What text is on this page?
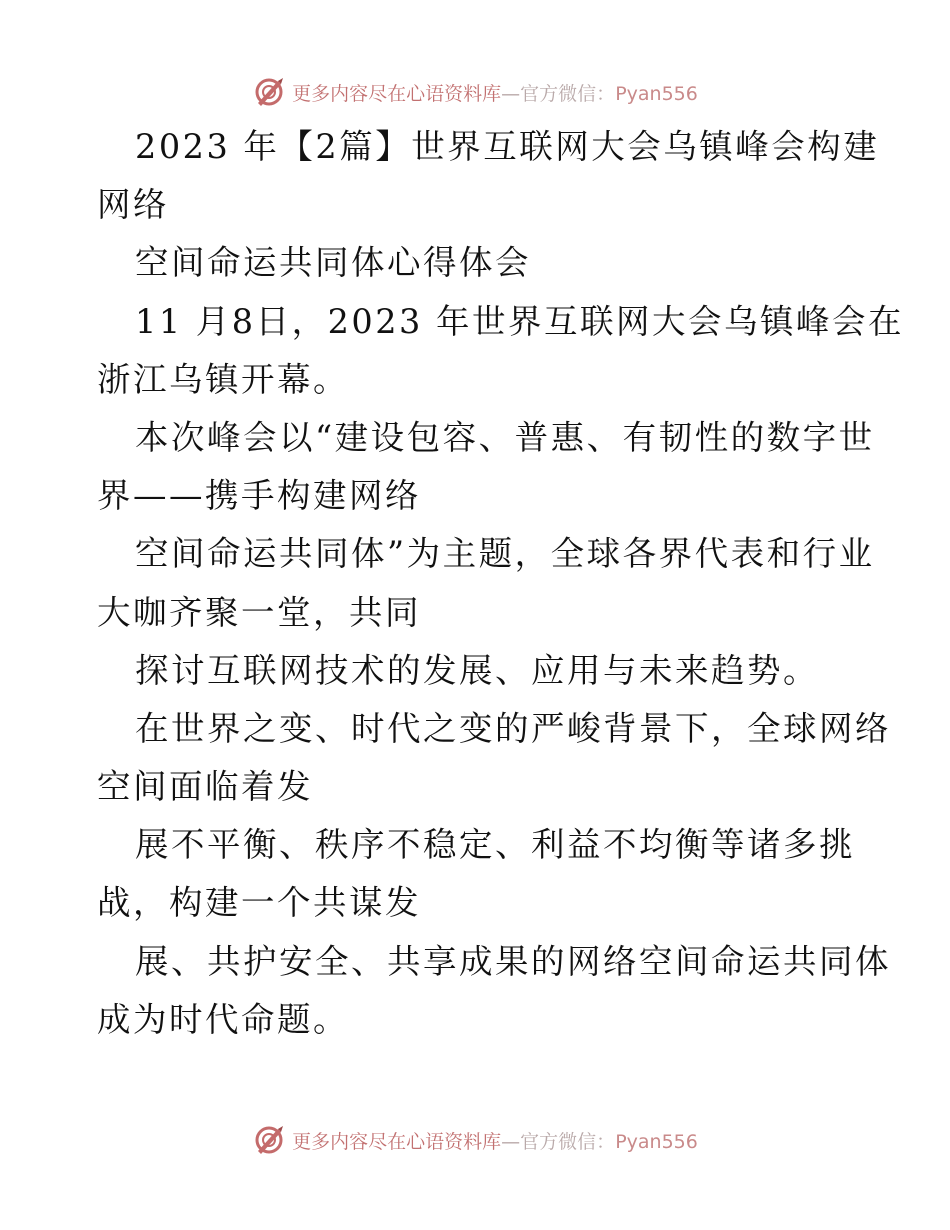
更多内容尽在心语资料库—官方微信：Pyan556
2023 年【2篇】世界互联网大会乌镇峰会构建
网络
空间命运共同体心得体会
11 月8日，2023 年世界互联网大会乌镇峰会在
浙江乌镇开幕。
本次峰会以“建设包容、普惠、有韧性的数字世
界——携手构建网络
空间命运共同体”为主题，全球各界代表和行业
大咖齐聚一堂，共同
探讨互联网技术的发展、应用与未来趋势。
在世界之变、时代之变的严峻背景下，全球网络
空间面临着发
展不平衡、秩序不稳定、利益不均衡等诸多挑
战，构建一个共谋发
展、共护安全、共享成果的网络空间命运共同体
成为时代命题。
更多内容尽在心语资料库—官方微信：Pyan556
